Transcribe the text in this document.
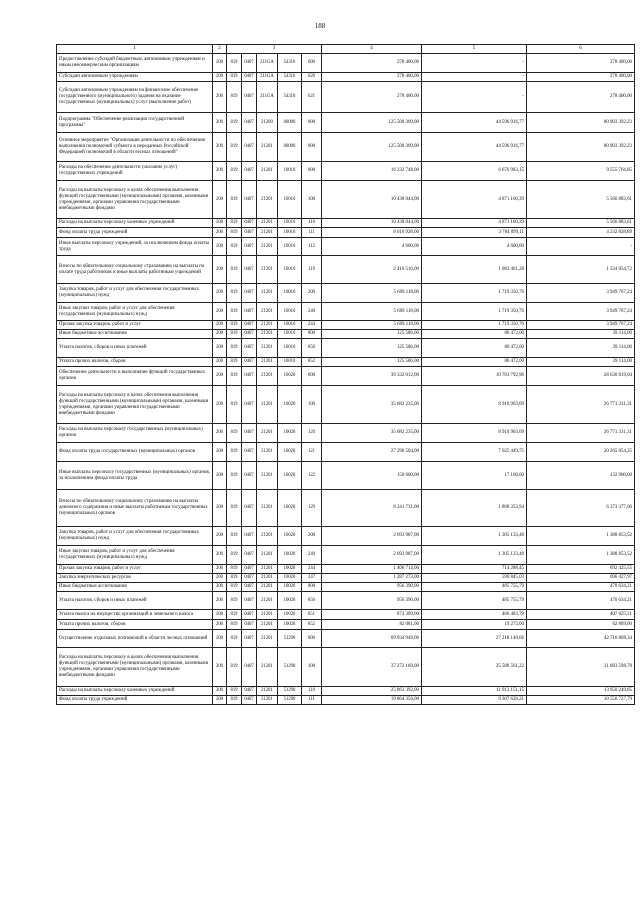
188
1	2	3					4	5	6
Предоставление субсидий бюджетным, автономным учреждениям и иным некоммерческим организациям	200	819	0407	211GA	54310	600	278 400,00	-	278 400,00
Субсидии автономным учреждениям	200	819	0407	211GA	54310	620	278 400,00	-	278 400,00
Субсидии автономным учреждениям на финансовое обеспечение государственного (муниципального) задания на оказание государственных (муниципальных) услуг (выполнение работ)	200	819	0407	211GA	54310	621	278 400,00	-	278 400,00
Подпрограмма "Обеспечение реализации государственной программы"	200	819	0407	21200	00000	000	125 500 309,00	44 596 916,77	80 903 392,23
Основное мероприятие "Организация деятельности по обеспечению выполнения полномочий субъекта в переданных Российской Федерацией полномочий в области лесных отношений"	200	819	0407	21201	00000	000	125 500 309,00	44 596 916,77	80 903 392,23
Расходы на обеспечение деятельности (оказание услуг) государственных учреждений	200	819	0407	21201	10010	000	16 232 748,00	6 676 983,15	9 555 764,85
Расходы на выплаты персоналу в целях обеспечения выполнения функций государственными (муниципальными) органами, казенными учреждениями, органами управления государственными внебюджетными фондами	200	819	0407	21201	10010	100	10 438 044,00	4 871 160,39	5 566 883,61
Расходы на выплаты персоналу казенных учреждений	200	819	0407	21201	10010	110	10 438 044,00	4 871 160,39	5 566 883,61
Фонд оплаты труда учреждений	200	819	0407	21201	10010	111	8 016 928,00	3 784 099,11	4 232 828,89
Иные выплаты персоналу учреждений, за исключением фонда оплаты труда	200	819	0407	21201	10010	112	4 600,00	4 600,00	-
Взносы по обязательному социальному страхованию на выплаты по оплате труда работников и иные выплаты работникам учреждений	200	819	0407	21201	10010	119	2 416 516,00	1 082 461,28	1 334 054,72
Закупка товаров, работ и услуг для обеспечения государственных (муниципальных) нужд	200	819	0407	21201	10010	200	5 669 118,00	1 719 350,76	3 949 767,24
Иные закупки товаров, работ и услуг для обеспечения государственных (муниципальных) нужд	200	819	0407	21201	10010	240	5 669 118,00	1 719 350,76	3 949 767,24
Прочая закупка товаров, работ и услуг	200	819	0407	21201	10010	244	5 669 118,00	1 719 350,76	3 949 767,24
Иные бюджетные ассигнования	200	819	0407	21201	10010	800	125 586,00	86 472,00	39 114,00
Уплата налогов, сборов и иных платежей	200	819	0407	21201	10010	850	125 586,00	86 472,00	39 114,00
Уплата прочих налогов, сборов	200	819	0407	21201	10010	852	125 586,00	86 472,00	39 114,00
Обеспечение деятельности и выполнение функций государственных органов	200	819	0407	21201	10020	000	39 332 012,00	10 701 792,96	28 630 819,04
Расходы на выплаты персоналу в целях обеспечения выполнения функций государственными (муниципальными) органами, казенными учреждениями, органами управления государственными внебюджетными фондами	200	819	0407	21201	10020	100	35 682 235,00	8 910 903,69	26 771 331,31
Расходы на выплаты персоналу государственных (муниципальных) органов	200	819	0407	21201	10020	120	35 682 235,00	8 910 903,69	26 771 331,31
Фонд оплаты труда государственных (муниципальных) органов	200	819	0407	21201	10020	121	27 290 504,00	7 025 449,75	20 265 054,25
Иные выплаты персоналу государственных (муниципальных) органов, за исключением фонда оплаты труда	200	819	0407	21201	10020	122	150 000,00	17 100,00	132 900,00
Взносы по обязательному социальному страхованию на выплаты денежного содержания и иные выплаты работникам государственных (муниципальных) органов	200	819	0407	21201	10020	129	8 241 731,00	1 868 353,94	6 373 377,06
Закупка товаров, работ и услуг для обеспечения государственных (муниципальных) нужд	200	819	0407	21201	10020	200	2 693 987,00	1 305 133,48	1 388 853,52
Иные закупки товаров, работ и услуг для обеспечения государственных (муниципальных) нужд	200	819	0407	21201	10020	240	2 693 987,00	1 305 133,48	1 388 853,52
Прочая закупка товаров, работ и услуг	200	819	0407	21201	10020	244	1 406 714,00	714 288,45	692 425,55
Закупка энергетических ресурсов	200	819	0407	21201	10020	247	1 287 273,00	590 845,03	696 427,97
Иные бюджетные ассигнования	200	819	0407	21201	10020	800	956 390,00	485 755,79	470 634,21
Уплата налогов, сборов и иных платежей	200	819	0407	21201	10020	850	956 390,00	485 755,79	470 634,21
Уплата налога на имущество организаций и земельного налога	200	819	0407	21201	10020	851	874 309,00	466 483,79	407 825,21
Уплата прочих налогов, сборов	200	819	0407	21201	10020	852	82 081,00	19 272,00	62 809,00
Осуществление отдельных полномочий в области лесных отношений	200	819	0407	21201	51290	000	69 934 949,00	27 218 140,66	42 716 808,34
Расходы на выплаты персоналу в целях обеспечения выполнения функций государственными (муниципальными) органами, казенными учреждениями, органами управления государственными внебюджетными фондами	200	819	0407	21201	51290	100	37 272 160,00	25 588 561,22	31 683 598,78
Расходы на выплаты персоналу казенных учреждений	200	819	0407	21201	51290	110	25 863 392,00	11 913 151,15	13 950 240,85
Фонд оплаты труда учреждений	200	819	0407	21201	51290	111	19 864 356,00	9 307 628,21	10 556 727,79
